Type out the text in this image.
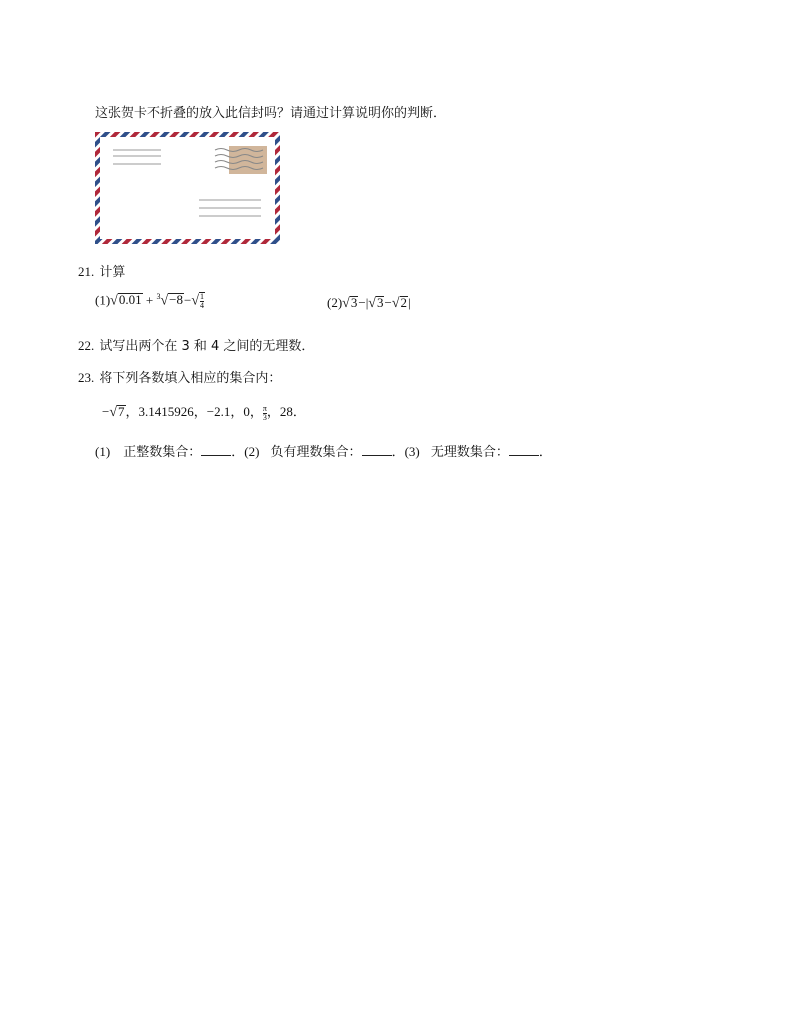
这张贺卡不折叠的放入此信封吗？请通过计算说明你的判断．
21. 计算
$(1)√0.01 + ^3√-8-√ \frac{1}{4}$	(2)√3−|√3−√2|
22. 试写出两个在 3 和 4 之间的无理数．
23. 将下列各数填入相应的集合内：
−√7，3.1415926，−2.1，0， $\frac{\pi}{3}$ ，28．
(1) 正整数集合： ．(2) 负有理数集合： ．(3) 无理数集合： ．
